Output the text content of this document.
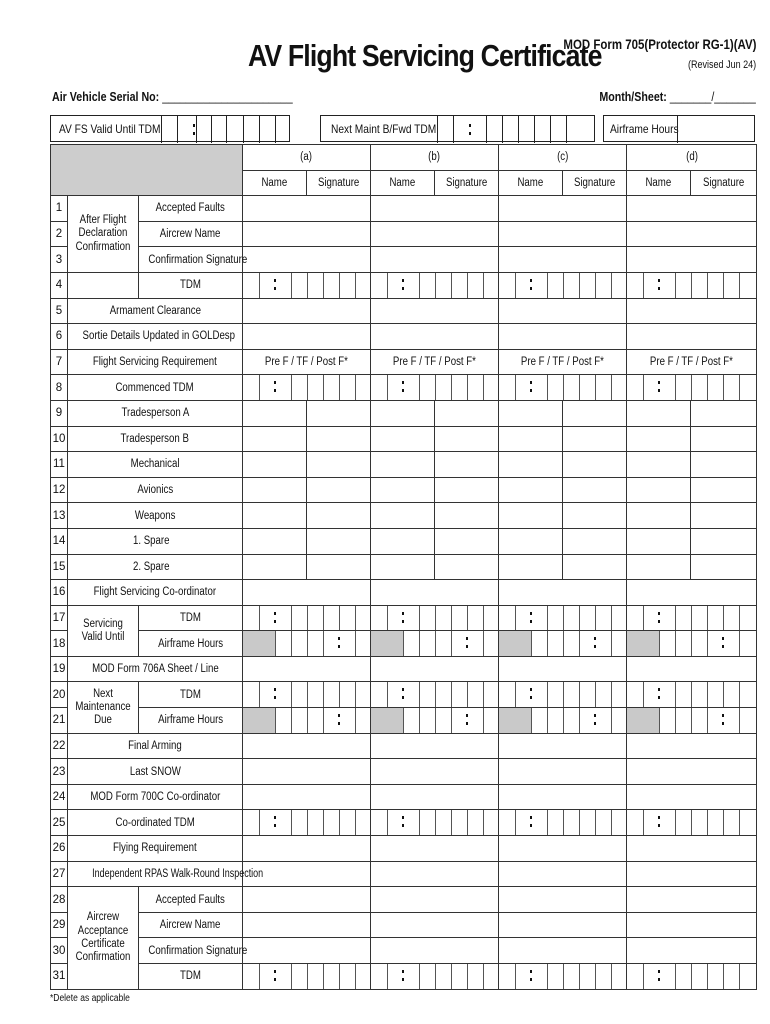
AV Flight Servicing Certificate
MOD Form 705(Protector RG-1)(AV)
(Revised Jun 24)
Air Vehicle Serial No: ______________________	Month/Sheet: _______/_______
AV FS Valid Until TDM	Next Maint B/Fwd TDM	Airframe Hours
			(a)		(b)		(c)		(d)	
			Name	Signature	Name	Signature	Name	Signature	Name	Signature
1	After Flight Declaration Confirmation	Accepted Faults								
2		Aircrew Name								
3		Confirmation Signature								
4		TDM					

5	Armament Clearance									
6	Sortie Details Updated in GOLDesp									
7	Flight Servicing Requirement		Pre F / TF / Post F*		Pre F / TF / Post F*		Pre F / TF / Post F*		Pre F / TF / Post F*	
8	Commenced TDM						

9	Tradesperson A									
10	Tradesperson B									
11	Mechanical									
12	Avionics									
13	Weapons									
14	1. Spare									
15	2. Spare									
16	Flight Servicing Co-ordinator									
17	Servicing Valid Until	TDM					

18		Airframe Hours					

19	MOD Form 706A Sheet / Line									
20	Next Maintenance Due	TDM					

21		Airframe Hours					

22	Final Arming									
23	Last SNOW									
24	MOD Form 700C Co-ordinator									
25	Co-ordinated TDM						

26	Flying Requirement									
27	Independent RPAS Walk-Round Inspection									
28	Aircrew Acceptance Certificate Confirmation	Accepted Faults								
29		Aircrew Name								
30		Confirmation Signature								
31		TDM					

*Delete as applicable
